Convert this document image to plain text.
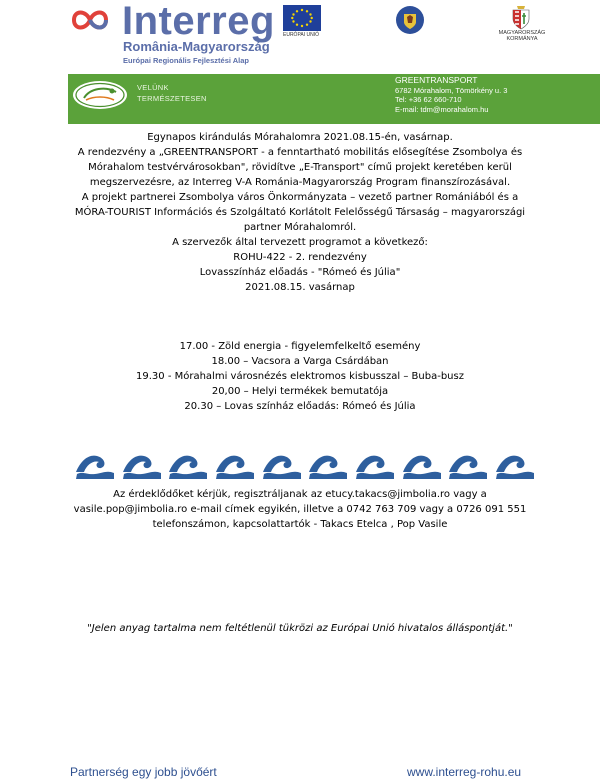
Interreg
România-Magyarország
Európai Regionális Fejlesztési Alap
EURÓPAI UNIÓ	MAGYARORSZÁG KORMÁNYA
VELÜNK
TERMÉSZETESEN
GREENTRANSPORT
6782 Mórahalom, Tömörkény u. 3
Tel: +36 62 660-710
E-mail: tdm@morahalom.hu
Egynapos kirándulás Mórahalomra 2021.08.15-én, vasárnap.
A rendezvény a „GREENTRANSPORT - a fenntartható mobilitás elősegítése Zsombolya és
Mórahalom testvérvárosokban", rövidítve „E-Transport" című projekt keretében kerül
megszervezésre, az Interreg V-A Románia-Magyarország Program finanszírozásával.
A projekt partnerei Zsombolya város Önkormányzata – vezető partner Romániából és a
MÓRA-TOURIST Információs és Szolgáltató Korlátolt Felelősségű Társaság – magyarországi
partner Mórahalomról.
A szervezők által tervezett programot a következő:
ROHU-422 - 2. rendezvény
Lovasszínház előadás - "Rómeó és Júlia"
2021.08.15. vasárnap
17.00 - Zöld energia - figyelemfelkeltő esemény
18.00 – Vacsora a Varga Csárdában
19.30 - Mórahalmi városnézés elektromos kisbusszal – Buba-busz
20,00 – Helyi termékek bemutatója
20.30 – Lovas színház előadás: Rómeó és Júlia
Az érdeklődőket kérjük, regisztráljanak az etucy.takacs@jimbolia.ro vagy a
vasile.pop@jimbolia.ro e-mail címek egyikén, illetve a 0742 763 709 vagy a 0726 091 551
telefonszámon, kapcsolattartók - Takacs Etelca , Pop Vasile
"Jelen anyag tartalma nem feltétlenül tükrözi az Európai Unió hivatalos álláspontját."
Partnerség egy jobb jövőért	www.interreg-rohu.eu
